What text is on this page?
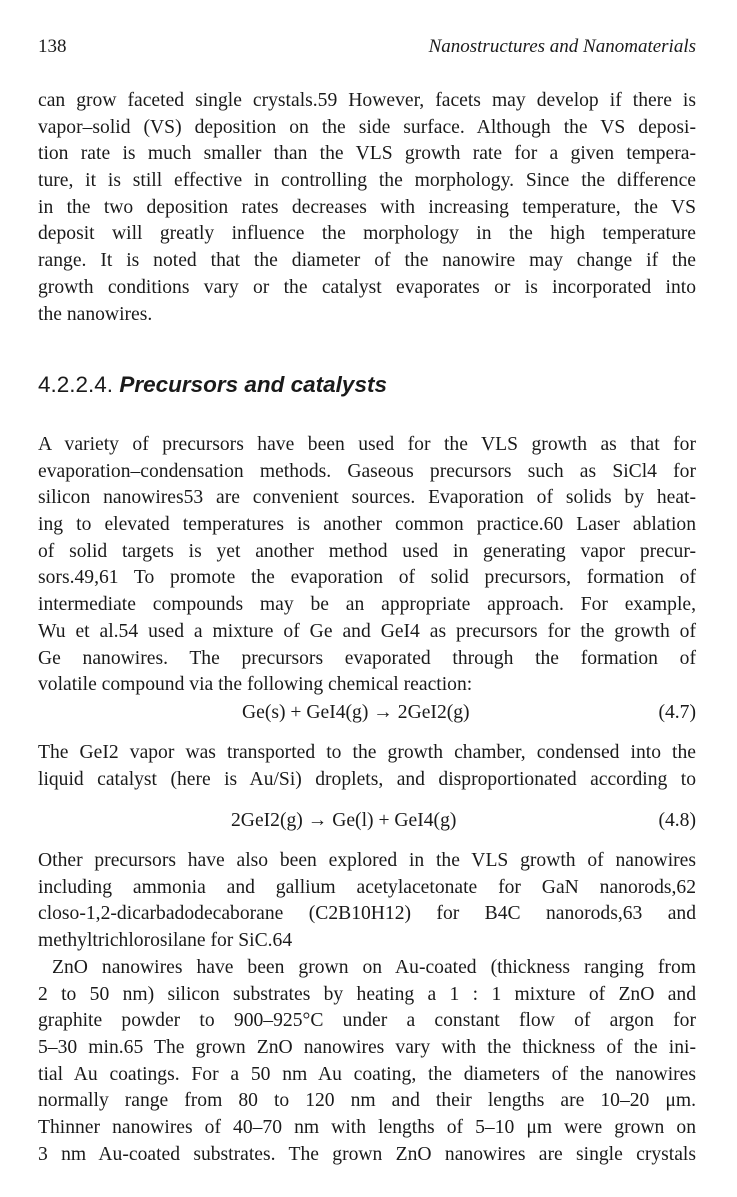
138	Nanostructures and Nanomaterials
can grow faceted single crystals.59 However, facets may develop if there is
vapor–solid (VS) deposition on the side surface. Although the VS deposi-
tion rate is much smaller than the VLS growth rate for a given tempera-
ture, it is still effective in controlling the morphology. Since the difference
in the two deposition rates decreases with increasing temperature, the VS
deposit will greatly influence the morphology in the high temperature
range. It is noted that the diameter of the nanowire may change if the
growth conditions vary or the catalyst evaporates or is incorporated into
the nanowires.
4.2.2.4. Precursors and catalysts
A variety of precursors have been used for the VLS growth as that for
evaporation–condensation methods. Gaseous precursors such as SiCl4 for
silicon nanowires53 are convenient sources. Evaporation of solids by heat-
ing to elevated temperatures is another common practice.60 Laser ablation
of solid targets is yet another method used in generating vapor precur-
sors.49,61 To promote the evaporation of solid precursors, formation of
intermediate compounds may be an appropriate approach. For example,
Wu et al.54 used a mixture of Ge and GeI4 as precursors for the growth of
Ge nanowires. The precursors evaporated through the formation of
volatile compound via the following chemical reaction:
Ge(s) + GeI4(g) → 2GeI2(g)	(4.7)
The GeI2 vapor was transported to the growth chamber, condensed into the
liquid catalyst (here is Au/Si) droplets, and disproportionated according to
2GeI2(g) → Ge(l) + GeI4(g)	(4.8)
Other precursors have also been explored in the VLS growth of nanowires
including ammonia and gallium acetylacetonate for GaN nanorods,62
closo-1,2-dicarbadodecaborane (C2B10H12) for B4C nanorods,63 and
methyltrichlorosilane for SiC.64
ZnO nanowires have been grown on Au-coated (thickness ranging from
2 to 50 nm) silicon substrates by heating a 1 : 1 mixture of ZnO and
graphite powder to 900–925°C under a constant flow of argon for
5–30 min.65 The grown ZnO nanowires vary with the thickness of the ini-
tial Au coatings. For a 50 nm Au coating, the diameters of the nanowires
normally range from 80 to 120 nm and their lengths are 10–20 μm.
Thinner nanowires of 40–70 nm with lengths of 5–10 μm were grown on
3 nm Au-coated substrates. The grown ZnO nanowires are single crystals
